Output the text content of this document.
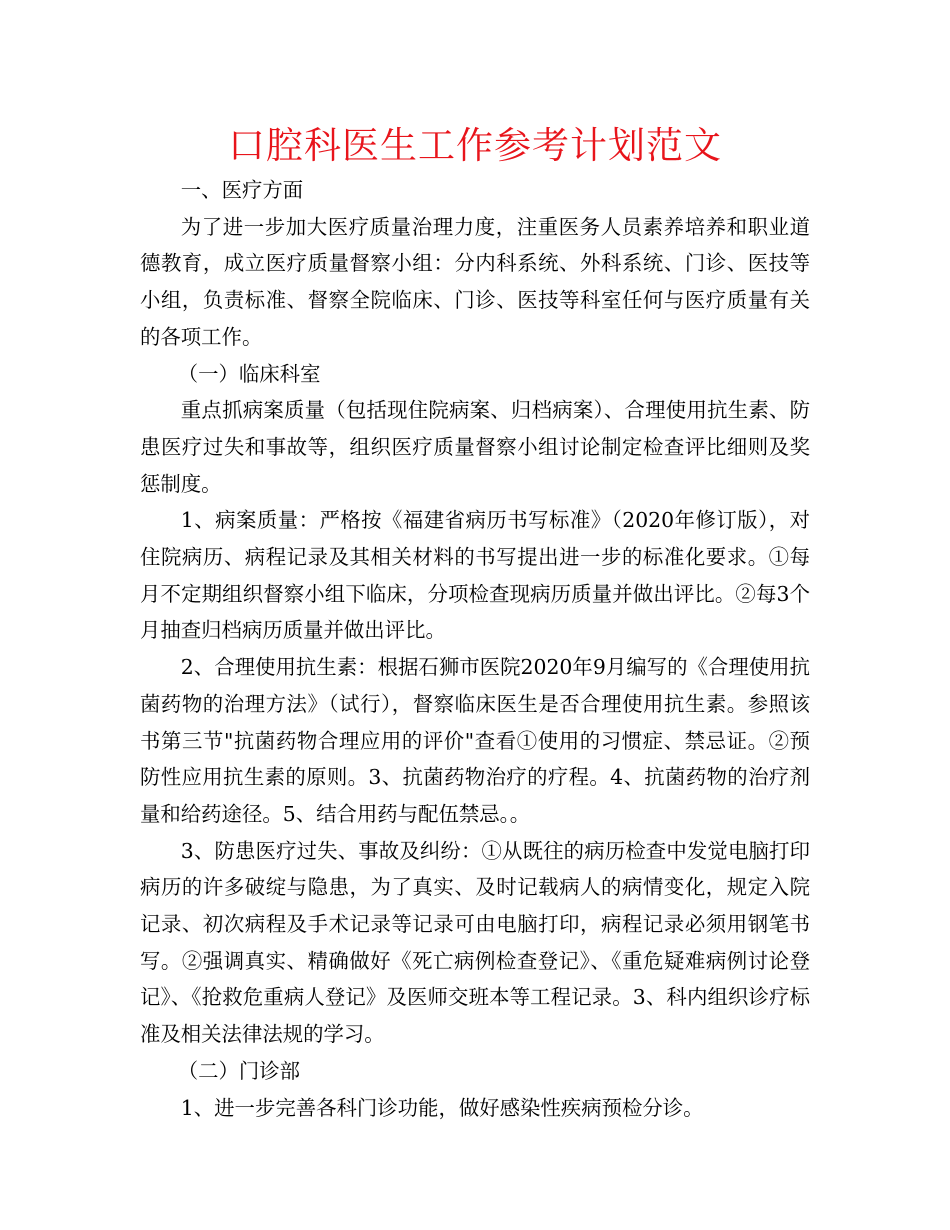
口腔科医生工作参考计划范文

一、医疗方面

为了进一步加大医疗质量治理力度，注重医务人员素养培养和职业道德教育，成立医疗质量督察小组：分内科系统、外科系统、门诊、医技等小组，负责标准、督察全院临床、门诊、医技等科室任何与医疗质量有关的各项工作。

（一）临床科室

重点抓病案质量（包括现住院病案、归档病案）、合理使用抗生素、防患医疗过失和事故等，组织医疗质量督察小组讨论制定检查评比细则及奖惩制度。

1、病案质量：严格按《福建省病历书写标准》（2020年修订版），对住院病历、病程记录及其相关材料的书写提出进一步的标准化要求。①每月不定期组织督察小组下临床，分项检查现病历质量并做出评比。②每3个月抽查归档病历质量并做出评比。

2、合理使用抗生素：根据石狮市医院2020年9月编写的《合理使用抗菌药物的治理方法》（试行），督察临床医生是否合理使用抗生素。参照该书第三节"抗菌药物合理应用的评价"查看①使用的习惯症、禁忌证。②预防性应用抗生素的原则。3、抗菌药物治疗的疗程。4、抗菌药物的治疗剂量和给药途径。5、结合用药与配伍禁忌。。

3、防患医疗过失、事故及纠纷：①从既往的病历检查中发觉电脑打印病历的许多破绽与隐患，为了真实、及时记载病人的病情变化，规定入院记录、初次病程及手术记录等记录可由电脑打印，病程记录必须用钢笔书写。②强调真实、精确做好《死亡病例检查登记》、《重危疑难病例讨论登记》、《抢救危重病人登记》及医师交班本等工程记录。3、科内组织诊疗标准及相关法律法规的学习。

（二）门诊部

1、进一步完善各科门诊功能，做好感染性疾病预检分诊。
